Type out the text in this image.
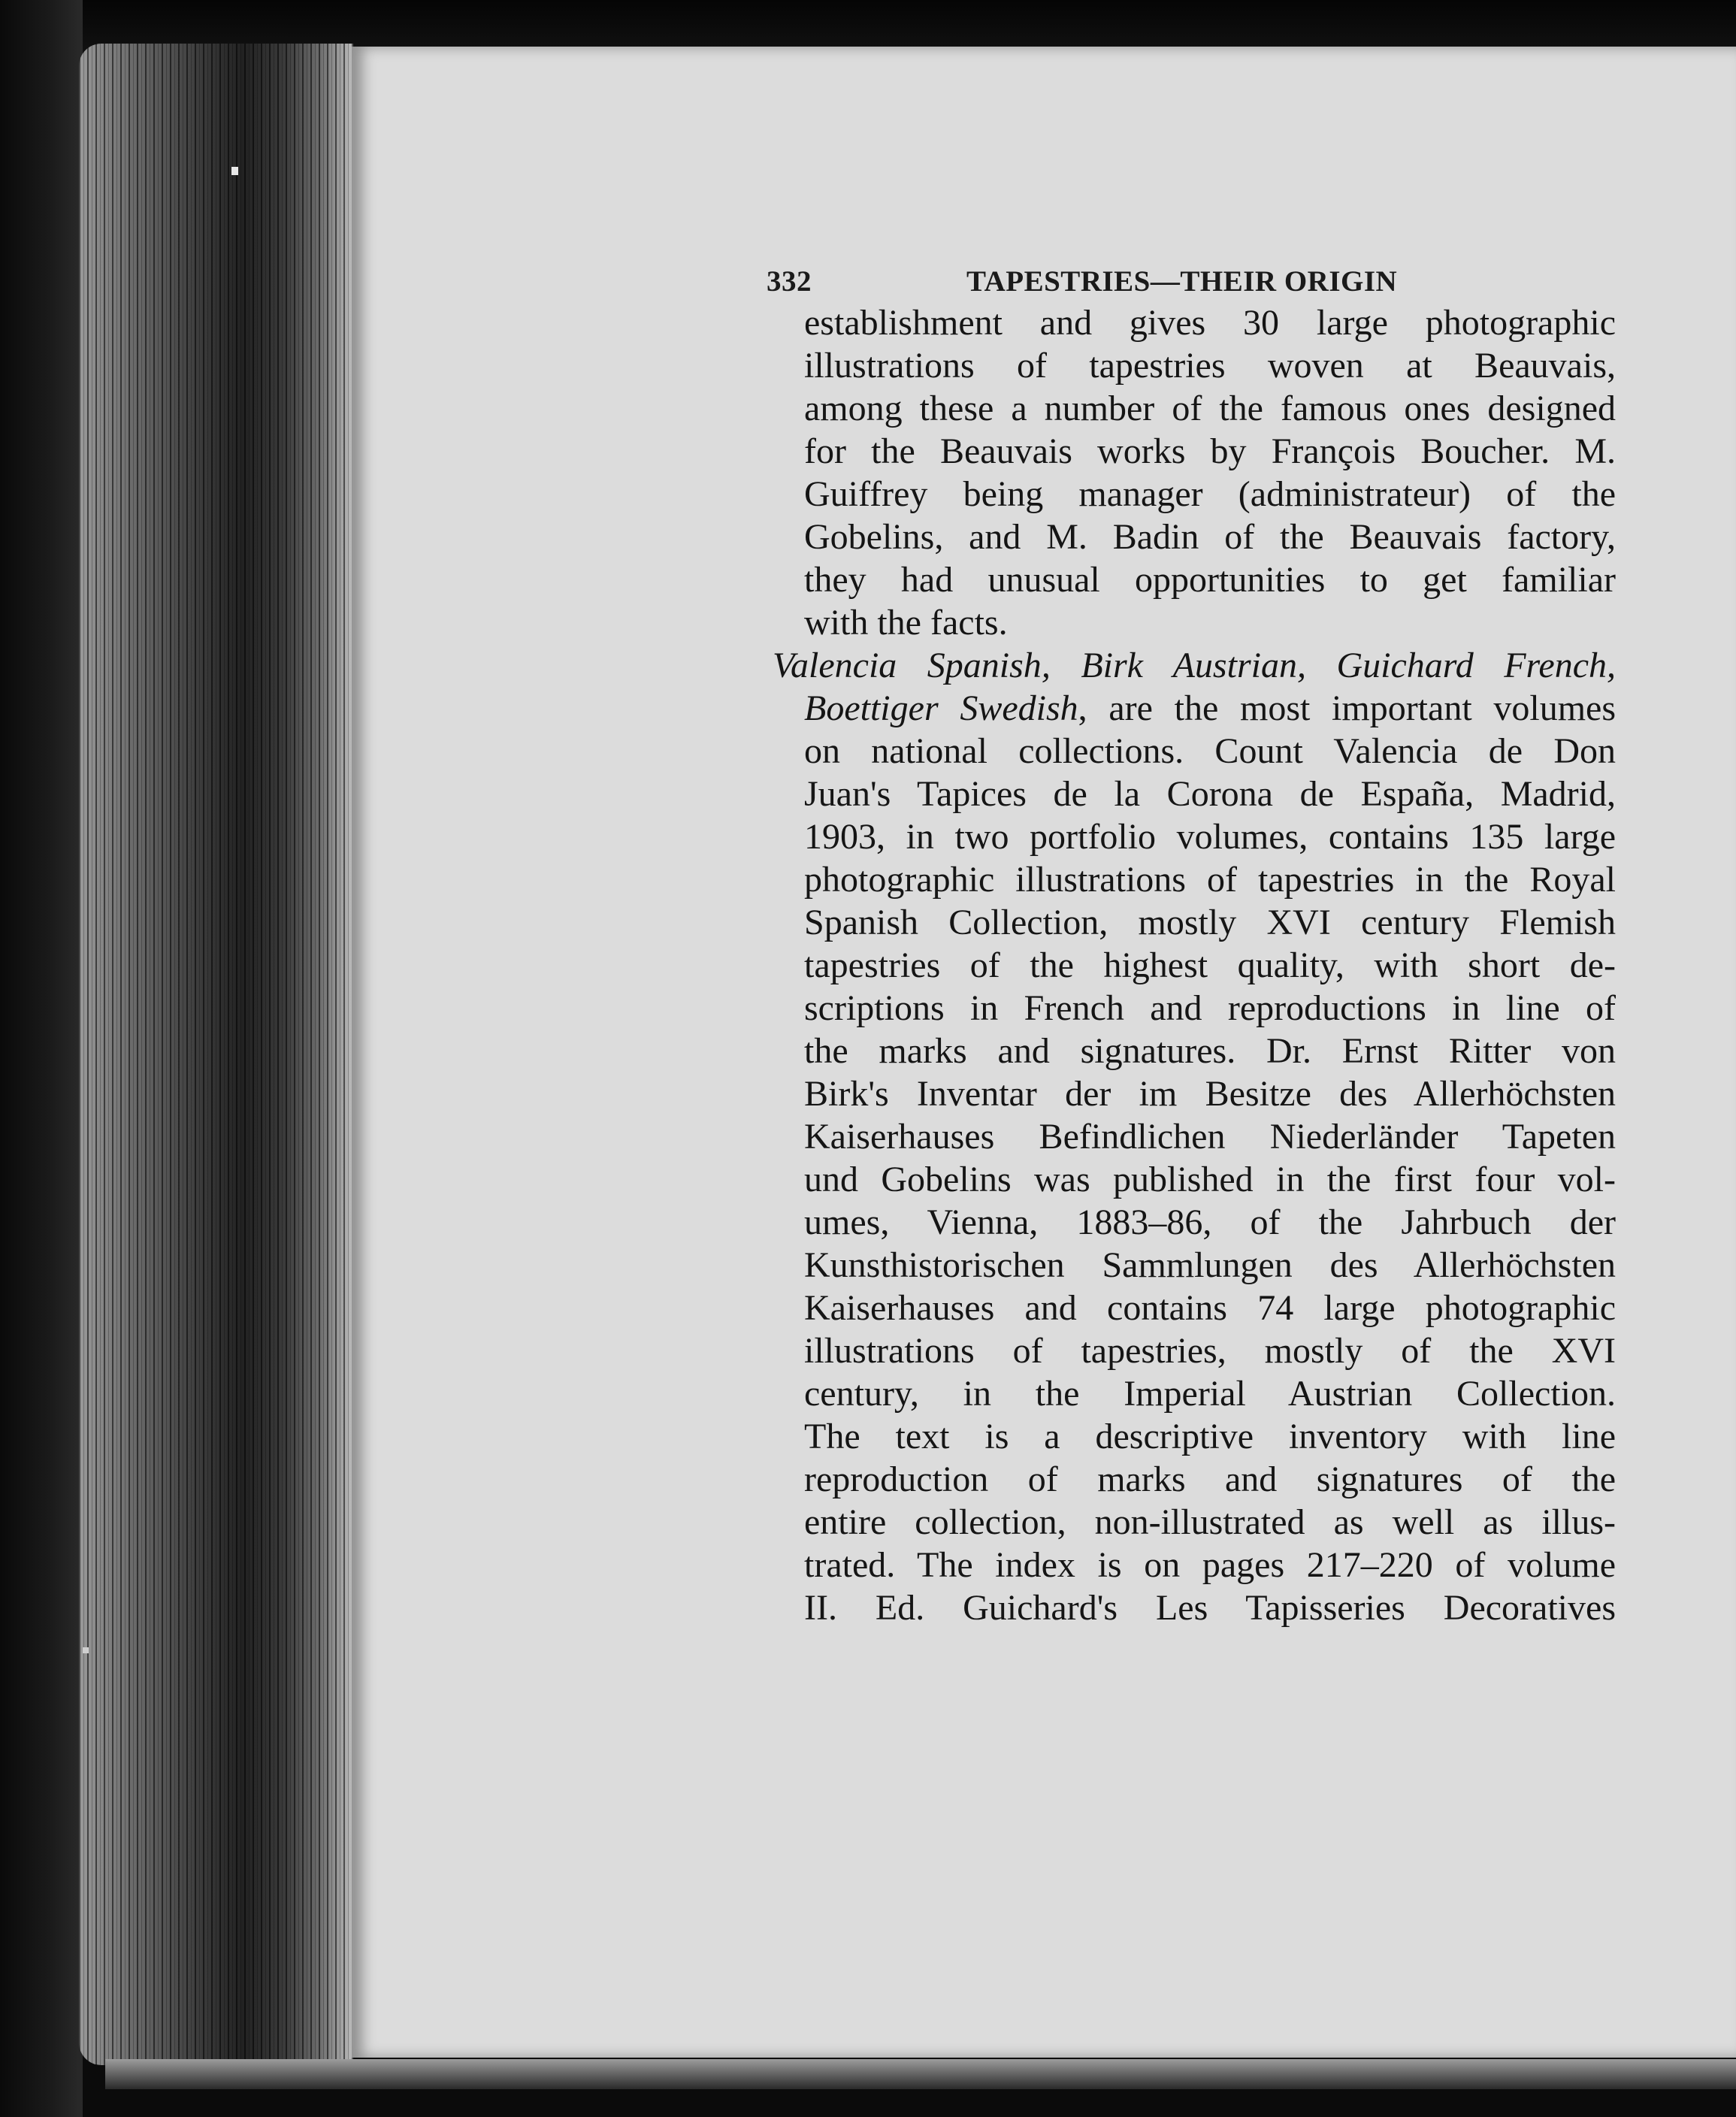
332	TAPESTRIES—THEIR ORIGIN
establishment and gives 30 large photographic
illustrations of tapestries woven at Beauvais,
among these a number of the famous ones designed
for the Beauvais works by François Boucher. M.
Guiffrey being manager (administrateur) of the
Gobelins, and M. Badin of the Beauvais factory,
they had unusual opportunities to get familiar
with the facts.
Valencia Spanish, Birk Austrian, Guichard French,
Boettiger Swedish, are the most important volumes
on national collections. Count Valencia de Don
Juan's Tapices de la Corona de España, Madrid,
1903, in two portfolio volumes, contains 135 large
photographic illustrations of tapestries in the Royal
Spanish Collection, mostly XVI century Flemish
tapestries of the highest quality, with short de-
scriptions in French and reproductions in line of
the marks and signatures. Dr. Ernst Ritter von
Birk's Inventar der im Besitze des Allerhöchsten
Kaiserhauses Befindlichen Niederländer Tapeten
und Gobelins was published in the first four vol-
umes, Vienna, 1883–86, of the Jahrbuch der
Kunsthistorischen Sammlungen des Allerhöchsten
Kaiserhauses and contains 74 large photographic
illustrations of tapestries, mostly of the XVI
century, in the Imperial Austrian Collection.
The text is a descriptive inventory with line
reproduction of marks and signatures of the
entire collection, non-illustrated as well as illus-
trated. The index is on pages 217–220 of volume
II. Ed. Guichard's Les Tapisseries Decoratives
